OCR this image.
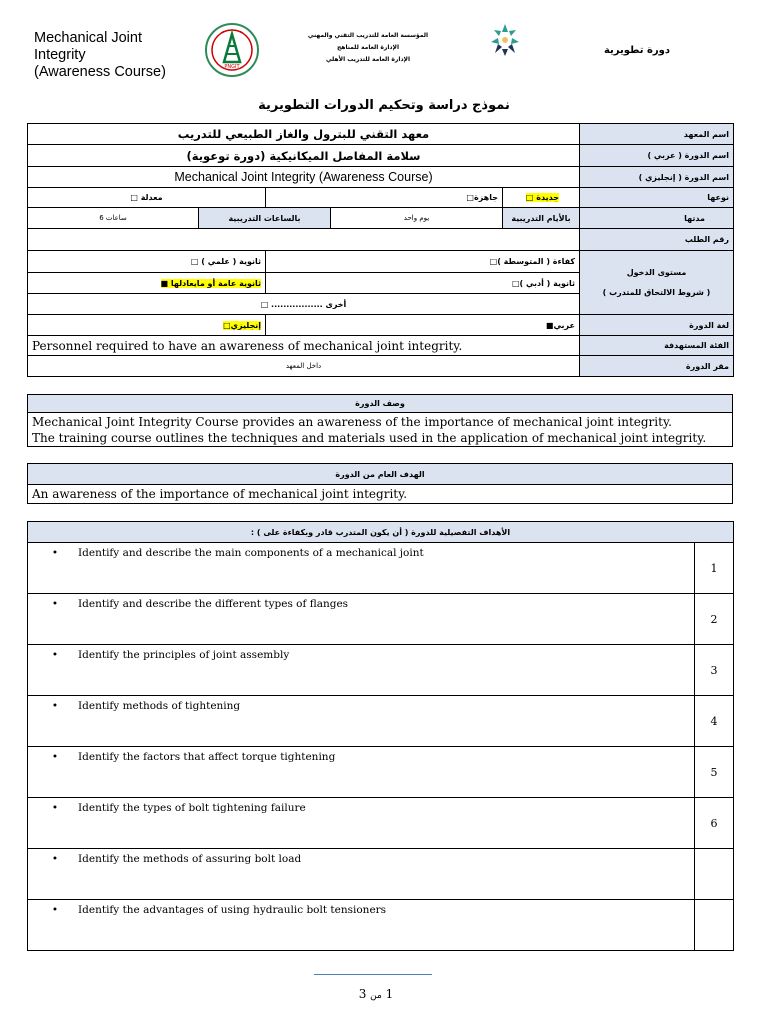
Mechanical Joint
Integrity
(Awareness Course)	PNGIT
المؤسسة العامة للتدريب التقني والمهني
الإدارة العامة للمناهج
الإدارة العامة للتدريب الأهلي
دورة تطويرية
نموذج دراسة وتحكيم الدورات التطويرية
معهد التقني للبترول والغاز الطبيعي للتدريب					اسم المعهد
سلامة المفاصل الميكانيكية (دورة توعوية)					اسم الدورة ( عربي )
Mechanical Joint Integrity (Awareness Course)					اسم الدورة ( إنجليزي )
معدلة □		جاهزة□		جديدة □	نوعها
ساعات 6	بالساعات التدريبية		يوم واحد	بالأيام التدريبية	مدتها
					رقم الطلب
ثانوية ( علمي ) □		كفاءة ( المتوسطة )□			مستوى الدخول
( شروط الالتحاق للمتدرب )

ثانوية عامة أو مايعادلها ■		ثانوية ( أدبي )□			
أخرى ................. □					
إنجليزي□		عربي■			لغة الدورة
Personnel required to have an awareness of mechanical joint integrity.					الفئة المستهدفة
داخل المعهد					مقر الدورة
وصف الدورة

Mechanical Joint Integrity Course provides an awareness of the importance of mechanical joint integrity.
The training course outlines the techniques and materials used in the application of mechanical joint integrity.
الهدف العام من الدورة
An awareness of the importance of mechanical joint integrity.
الأهداف التفصيلية للدورة ( أن يكون المتدرب قادر وبكفاءة على ) :	
• Identify and describe the main components of a mechanical joint	1
• Identify and describe the different types of flanges	2
• Identify the principles of joint assembly	3
• Identify methods of tightening	4
• Identify the factors that affect torque tightening	5
• Identify the types of bolt tightening failure	6
• Identify the methods of assuring bolt load	
• Identify the advantages of using hydraulic bolt tensioners	
1 من 3
